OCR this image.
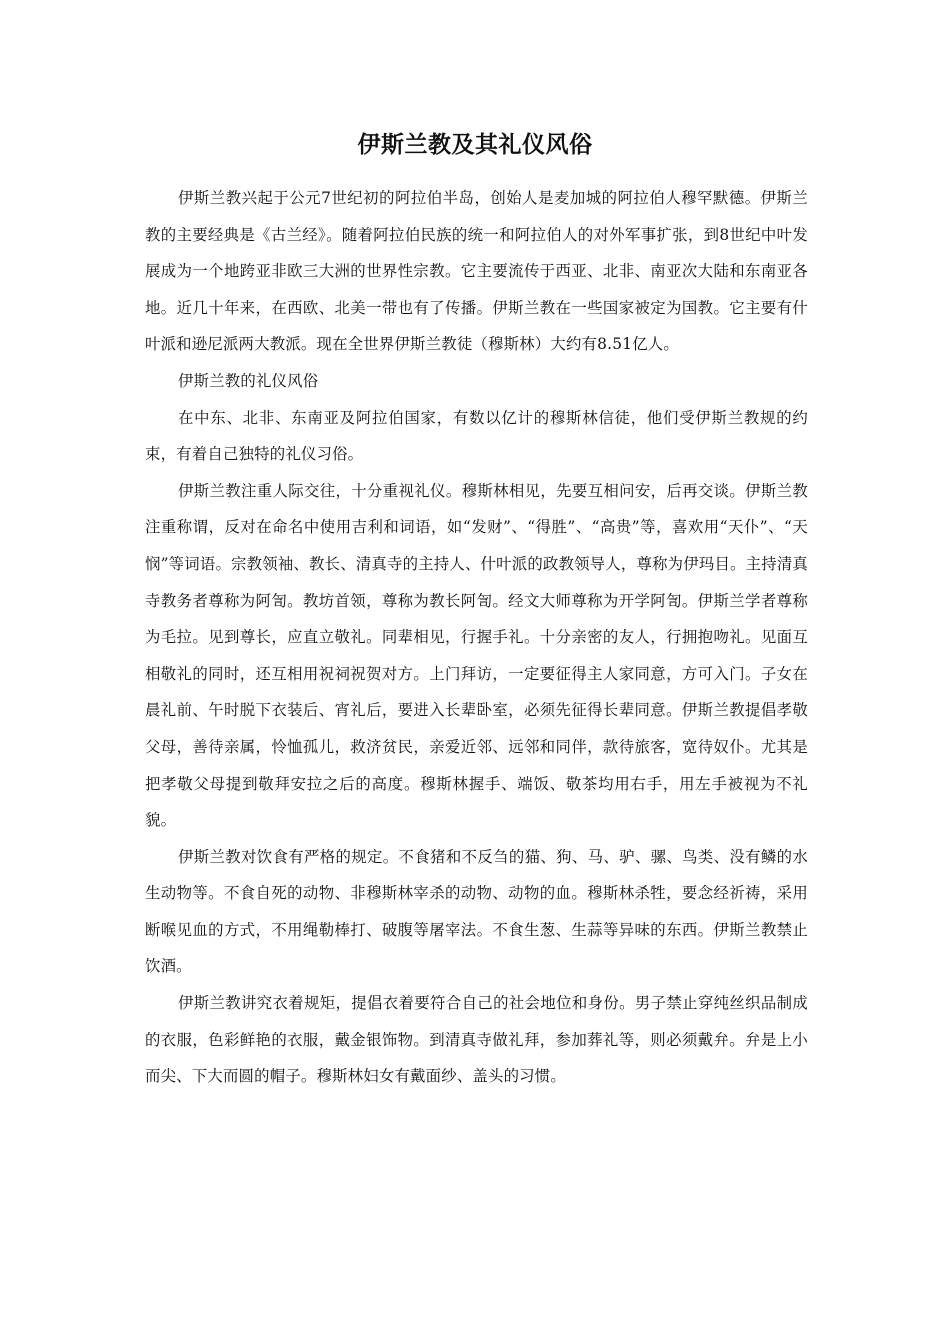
伊斯兰教及其礼仪风俗

伊斯兰教兴起于公元7世纪初的阿拉伯半岛，创始人是麦加城的阿拉伯人穆罕默德。伊斯兰教的主要经典是《古兰经》。随着阿拉伯民族的统一和阿拉伯人的对外军事扩张，到8世纪中叶发展成为一个地跨亚非欧三大洲的世界性宗教。它主要流传于西亚、北非、南亚次大陆和东南亚各地。近几十年来，在西欧、北美一带也有了传播。伊斯兰教在一些国家被定为国教。它主要有什叶派和逊尼派两大教派。现在全世界伊斯兰教徒（穆斯林）大约有8.51亿人。

伊斯兰教的礼仪风俗

在中东、北非、东南亚及阿拉伯国家，有数以亿计的穆斯林信徒，他们受伊斯兰教规的约束，有着自己独特的礼仪习俗。

伊斯兰教注重人际交往，十分重视礼仪。穆斯林相见，先要互相问安，后再交谈。伊斯兰教注重称谓，反对在命名中使用吉利和词语，如“发财”、“得胜”、“高贵”等，喜欢用“天仆”、“天悯”等词语。宗教领袖、教长、清真寺的主持人、什叶派的政教领导人，尊称为伊玛目。主持清真寺教务者尊称为阿訇。教坊首领，尊称为教长阿訇。经文大师尊称为开学阿訇。伊斯兰学者尊称为毛拉。见到尊长，应直立敬礼。同辈相见，行握手礼。十分亲密的友人，行拥抱吻礼。见面互相敬礼的同时，还互相用祝祠祝贺对方。上门拜访，一定要征得主人家同意，方可入门。子女在晨礼前、午时脱下衣装后、宵礼后，要进入长辈卧室，必须先征得长辈同意。伊斯兰教提倡孝敬父母，善待亲属，怜恤孤儿，救济贫民，亲爱近邻、远邻和同伴，款待旅客，宽待奴仆。尤其是把孝敬父母提到敬拜安拉之后的高度。穆斯林握手、端饭、敬茶均用右手，用左手被视为不礼貌。

伊斯兰教对饮食有严格的规定。不食猪和不反刍的猫、狗、马、驴、骡、鸟类、没有鳞的水生动物等。不食自死的动物、非穆斯林宰杀的动物、动物的血。穆斯林杀牲，要念经祈祷，采用断喉见血的方式，不用绳勒棒打、破腹等屠宰法。不食生葱、生蒜等异味的东西。伊斯兰教禁止饮酒。

伊斯兰教讲究衣着规矩，提倡衣着要符合自己的社会地位和身份。男子禁止穿纯丝织品制成的衣服，色彩鲜艳的衣服，戴金银饰物。到清真寺做礼拜，参加葬礼等，则必须戴弁。弁是上小而尖、下大而圆的帽子。穆斯林妇女有戴面纱、盖头的习惯。
